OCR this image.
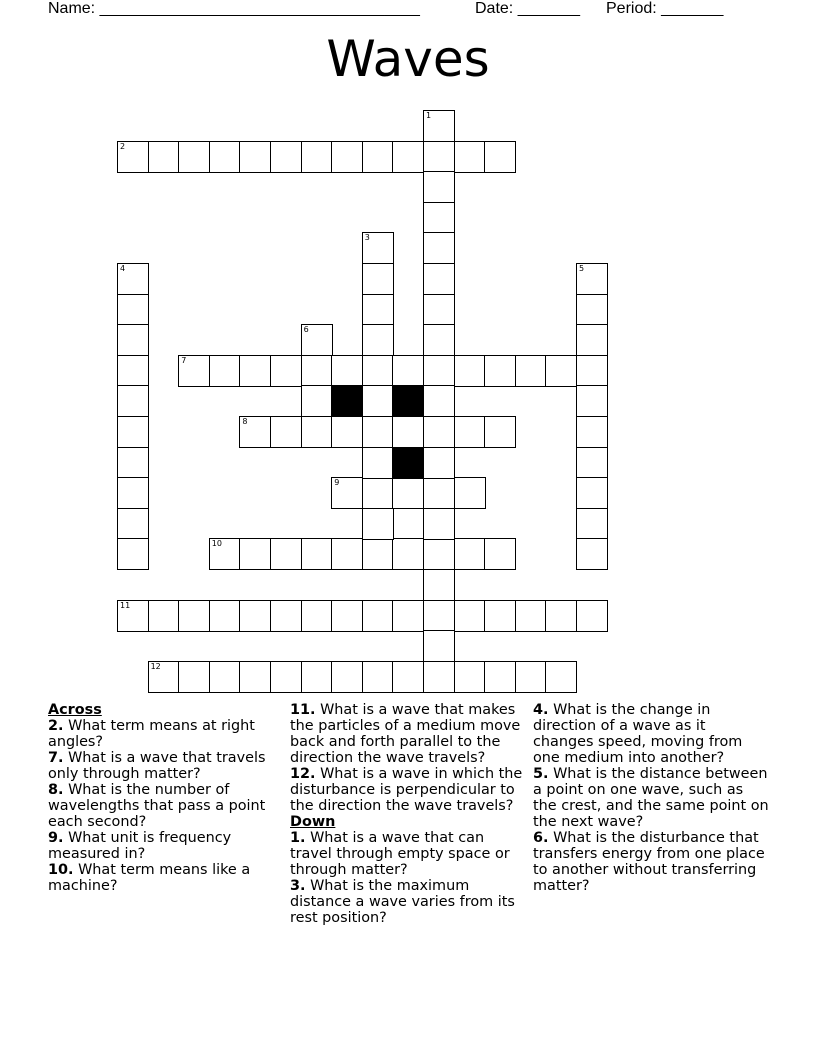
Name: ____________________________________	Date: _______ Period: _______
Waves
2
7
8
9
10
11
12
1
3
4	5
6
Across
2. What term means at right angles?
7. What is a wave that travels only through matter?
8. What is the number of wavelengths that pass a point each second?
9. What unit is frequency measured in?
10. What term means like a machine?
11. What is a wave that makes the particles of a medium move back and forth parallel to the direction the wave travels?
12. What is a wave in which the disturbance is perpendicular to the direction the wave travels?
Down
1. What is a wave that can travel through empty space or through matter?
3. What is the maximum distance a wave varies from its rest position?
4. What is the change in direction of a wave as it changes speed, moving from one medium into another?
5. What is the distance between a point on one wave, such as the crest, and the same point on the next wave?
6. What is the disturbance that transfers energy from one place to another without transferring matter?
